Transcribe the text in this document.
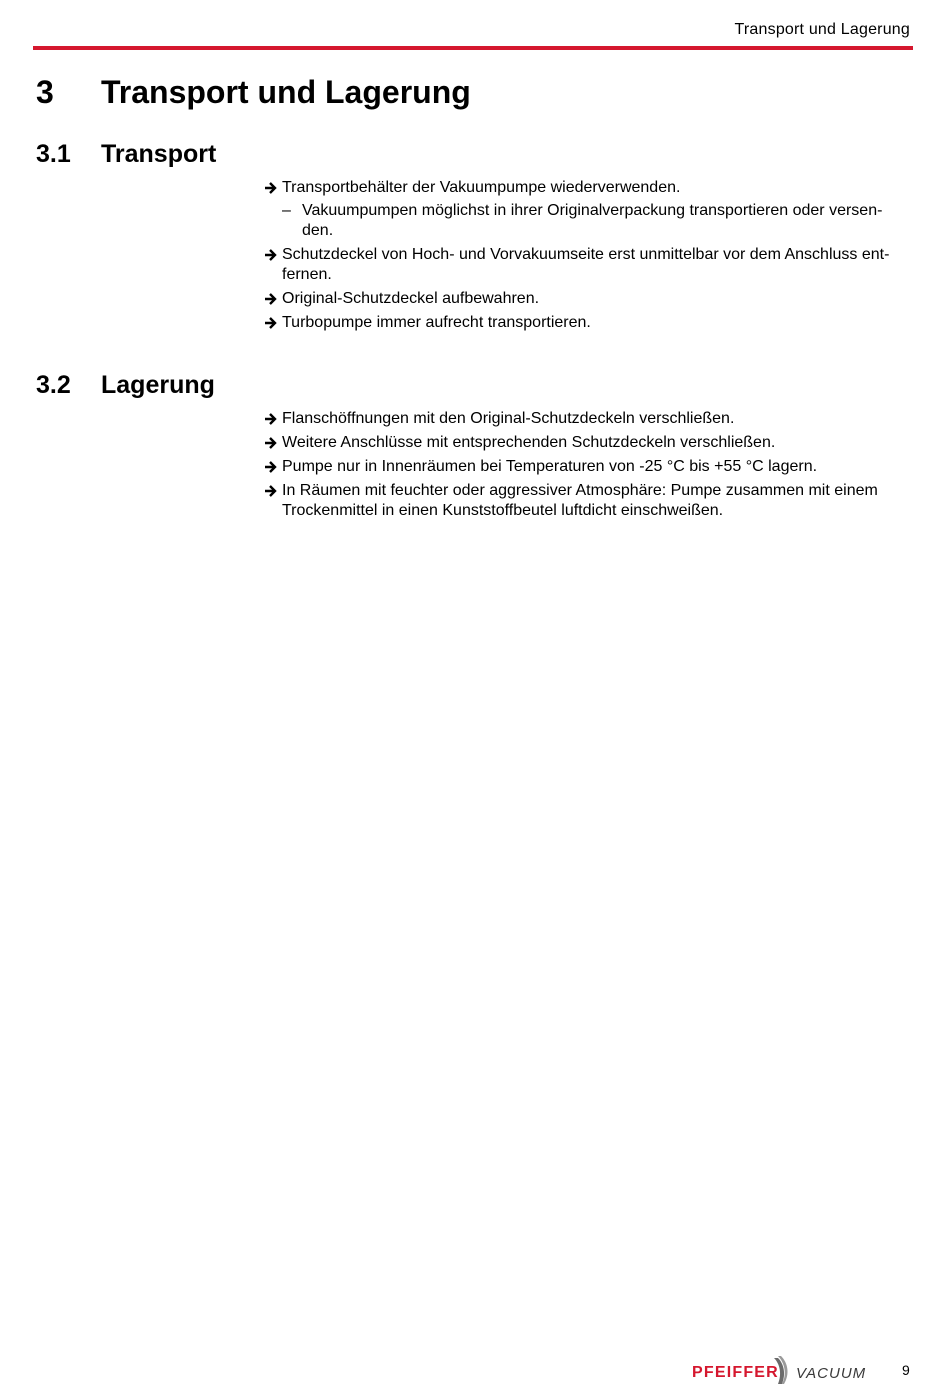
Transport und Lagerung
3 Transport und Lagerung
3.1 Transport
Transportbehälter der Vakuumpumpe wiederverwenden.
– Vakuumpumpen möglichst in ihrer Originalverpackung transportieren oder versen-den.
Schutzdeckel von Hoch- und Vorvakuumseite erst unmittelbar vor dem Anschluss ent-fernen.
Original-Schutzdeckel aufbewahren.
Turbopumpe immer aufrecht transportieren.
3.2 Lagerung
Flanschöffnungen mit den Original-Schutzdeckeln verschließen.
Weitere Anschlüsse mit entsprechenden Schutzdeckeln verschließen.
Pumpe nur in Innenräumen bei Temperaturen von -25 °C bis +55 °C lagern.
In Räumen mit feuchter oder aggressiver Atmosphäre: Pumpe zusammen mit einem Trockenmittel in einen Kunststoffbeutel luftdicht einschweißen.
PFEIFFER VACUUM	9
